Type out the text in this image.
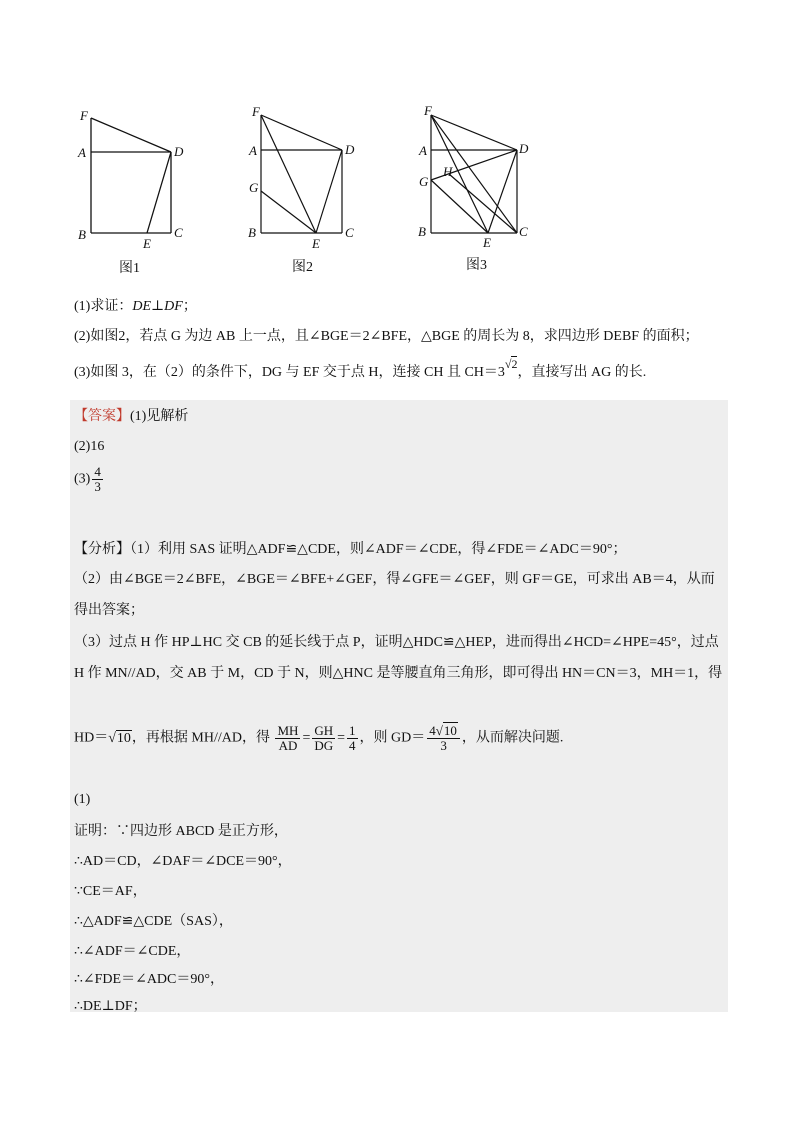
F
A
B
D
C
E
图1
F
A
G
B
D
C
E
图2
F
A
H
G
B
D
C
E
图3
(1)求证：DE⊥DF；
(2)如图2，若点 G 为边 AB 上一点，且∠BGE＝2∠BFE，△BGE 的周长为 8，求四边形 DEBF 的面积；
(3)如图 3，在（2）的条件下，DG 与 EF 交于点 H，连接 CH 且 CH＝3√2，直接写出 AG 的长.
【答案】(1)见解析
(2)16
$(3) \frac{4}{3}$
【分析】（1）利用 SAS 证明△ADF≌△CDE，则∠ADF＝∠CDE，得∠FDE＝∠ADC＝90°；
（2）由∠BGE＝2∠BFE，∠BGE＝∠BFE+∠GEF，得∠GFE＝∠GEF，则 GF＝GE，可求出 AB＝4，从而
得出答案；
（3）过点 H 作 HP⊥HC 交 CB 的延长线于点 P，证明△HDC≌△HEP，进而得出∠HCD=∠HPE=45°，过点
H 作 MN//AD，交 AB 于 M，CD 于 N，则△HNC 是等腰直角三角形，即可得出 HN＝CN＝3，MH＝1，得
HD＝√10，再根据 MH//AD，得 $\frac{MH}{AD} = \frac{GH}{DG} = \frac{1}{4}$ ，则 $GD= \frac{4√10}{3}$ ，从而解决问题.
(1)
证明：∵四边形 ABCD 是正方形，
∴AD＝CD，∠DAF＝∠DCE＝90°，
∵CE＝AF，
∴△ADF≌△CDE（SAS），
∴∠ADF＝∠CDE，
∴∠FDE＝∠ADC＝90°，
∴DE⊥DF；
